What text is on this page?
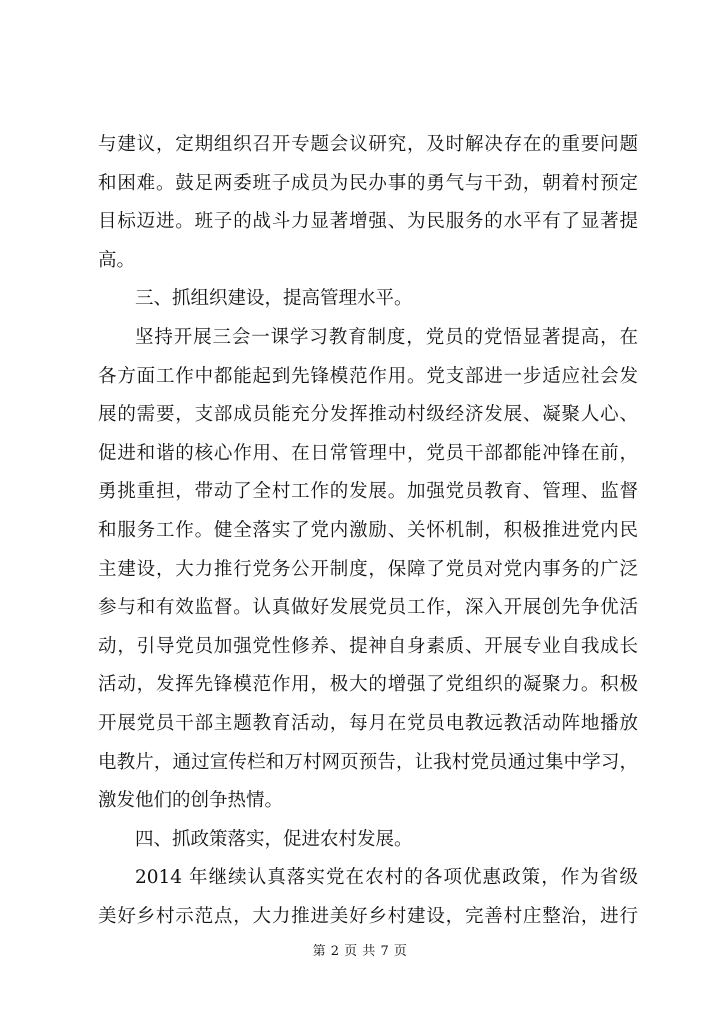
与建议，定期组织召开专题会议研究，及时解决存在的重要问题
和困难。鼓足两委班子成员为民办事的勇气与干劲，朝着村预定
目标迈进。班子的战斗力显著增强、为民服务的水平有了显著提
高。
三、抓组织建设，提高管理水平。
坚持开展三会一课学习教育制度，党员的党悟显著提高，在
各方面工作中都能起到先锋模范作用。党支部进一步适应社会发
展的需要，支部成员能充分发挥推动村级经济发展、凝聚人心、
促进和谐的核心作用、在日常管理中，党员干部都能冲锋在前，
勇挑重担，带动了全村工作的发展。加强党员教育、管理、监督
和服务工作。健全落实了党内激励、关怀机制，积极推进党内民
主建设，大力推行党务公开制度，保障了党员对党内事务的广泛
参与和有效监督。认真做好发展党员工作，深入开展创先争优活
动，引导党员加强党性修养、提神自身素质、开展专业自我成长
活动，发挥先锋模范作用，极大的增强了党组织的凝聚力。积极
开展党员干部主题教育活动，每月在党员电教远教活动阵地播放
电教片，通过宣传栏和万村网页预告，让我村党员通过集中学习，
激发他们的创争热情。
四、抓政策落实，促进农村发展。
2014 年继续认真落实党在农村的各项优惠政策，作为省级
美好乡村示范点，大力推进美好乡村建设，完善村庄整治，进行
第 2 页 共 7 页
